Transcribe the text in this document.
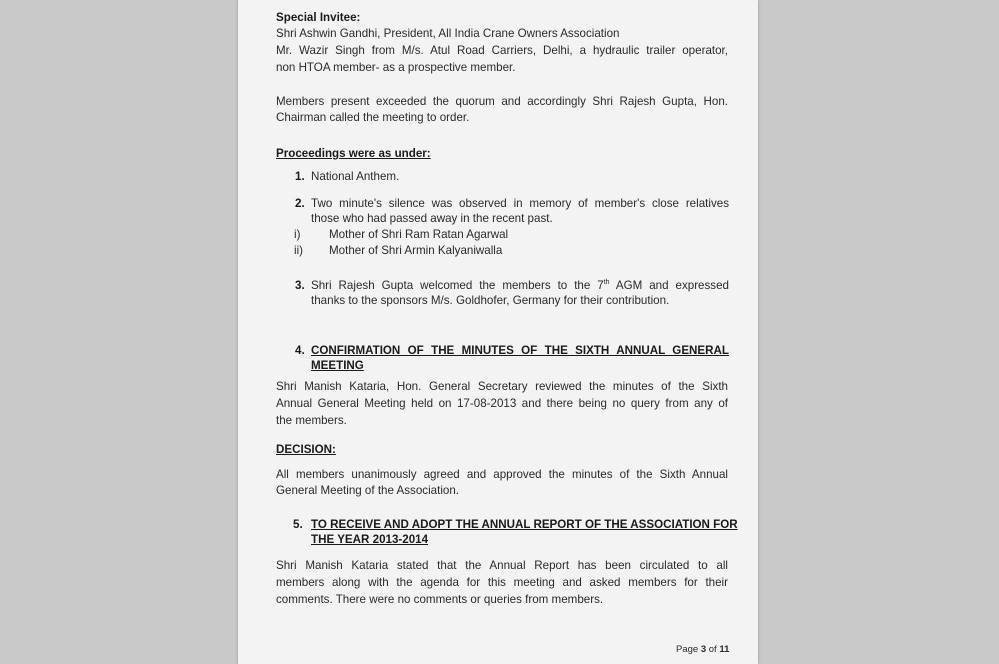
Special Invitee:
Shri Ashwin Gandhi, President, All India Crane Owners Association
Mr. Wazir Singh from M/s. Atul Road Carriers, Delhi, a hydraulic trailer operator,
non HTOA member- as a prospective member.
Members present exceeded the quorum and accordingly Shri Rajesh Gupta, Hon.
Chairman called the meeting to order.
Proceedings were as under:
1. National Anthem.
2. Two minute's silence was observed in memory of member's close relatives
those who had passed away in the recent past.
i) Mother of Shri Ram Ratan Agarwal
ii) Mother of Shri Armin Kalyaniwalla
3. Shri Rajesh Gupta welcomed the members to the 7th AGM and expressed
thanks to the sponsors M/s. Goldhofer, Germany for their contribution.
4. CONFIRMATION OF THE MINUTES OF THE SIXTH ANNUAL GENERAL
MEETING
Shri Manish Kataria, Hon. General Secretary reviewed the minutes of the Sixth
Annual General Meeting held on 17-08-2013 and there being no query from any of
the members.
DECISION:
All members unanimously agreed and approved the minutes of the Sixth Annual
General Meeting of the Association.
5. TO RECEIVE AND ADOPT THE ANNUAL REPORT OF THE ASSOCIATION FOR
THE YEAR 2013-2014
Shri Manish Kataria stated that the Annual Report has been circulated to all
members along with the agenda for this meeting and asked members for their
comments. There were no comments or queries from members.
Page 3 of 11
